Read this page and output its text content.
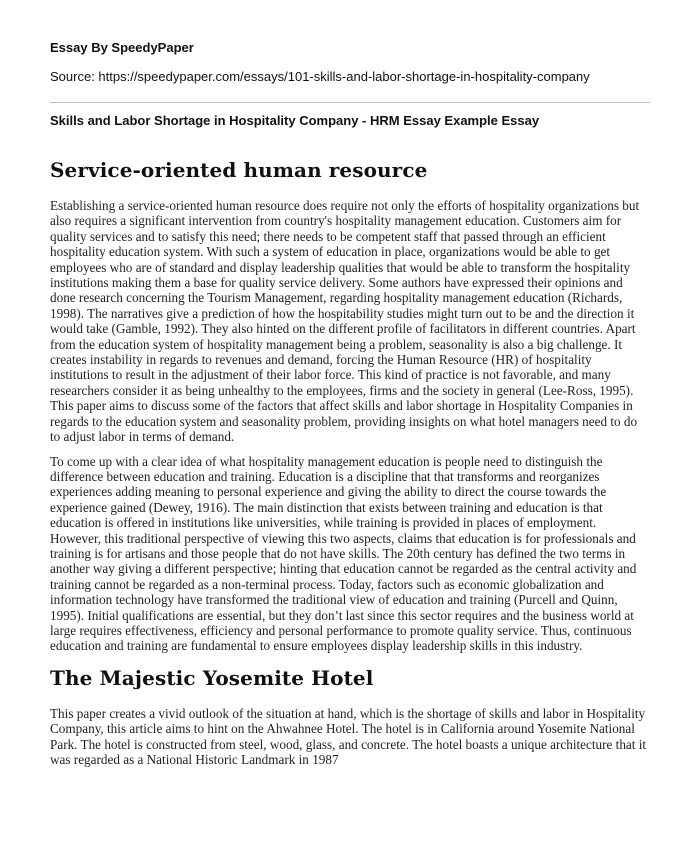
Essay By SpeedyPaper
Source: https://speedypaper.com/essays/101-skills-and-labor-shortage-in-hospitality-company
Skills and Labor Shortage in Hospitality Company - HRM Essay Example Essay
Service-oriented human resource

Establishing a service-oriented human resource does require not only the efforts of hospitality organizations but also requires a significant intervention from country's hospitality management education. Customers aim for quality services and to satisfy this need; there needs to be competent staff that passed through an efficient hospitality education system. With such a system of education in place, organizations would be able to get employees who are of standard and display leadership qualities that would be able to transform the hospitality institutions making them a base for quality service delivery. Some authors have expressed their opinions and done research concerning the Tourism Management, regarding hospitality management education (Richards, 1998). The narratives give a prediction of how the hospitability studies might turn out to be and the direction it would take (Gamble, 1992). They also hinted on the different profile of facilitators in different countries. Apart from the education system of hospitality management being a problem, seasonality is also a big challenge. It creates instability in regards to revenues and demand, forcing the Human Resource (HR) of hospitality institutions to result in the adjustment of their labor force. This kind of practice is not favorable, and many researchers consider it as being unhealthy to the employees, firms and the society in general (Lee-Ross, 1995). This paper aims to discuss some of the factors that affect skills and labor shortage in Hospitality Companies in regards to the education system and seasonality problem, providing insights on what hotel managers need to do to adjust labor in terms of demand.

To come up with a clear idea of what hospitality management education is people need to distinguish the difference between education and training. Education is a discipline that that transforms and reorganizes experiences adding meaning to personal experience and giving the ability to direct the course towards the experience gained (Dewey, 1916). The main distinction that exists between training and education is that education is offered in institutions like universities, while training is provided in places of employment. However, this traditional perspective of viewing this two aspects, claims that education is for professionals and training is for artisans and those people that do not have skills. The 20th century has defined the two terms in another way giving a different perspective; hinting that education cannot be regarded as the central activity and training cannot be regarded as a non-terminal process. Today, factors such as economic globalization and information technology have transformed the traditional view of education and training (Purcell and Quinn, 1995). Initial qualifications are essential, but they don’t last since this sector requires and the business world at large requires effectiveness, efficiency and personal performance to promote quality service. Thus, continuous education and training are fundamental to ensure employees display leadership skills in this industry.

The Majestic Yosemite Hotel

This paper creates a vivid outlook of the situation at hand, which is the shortage of skills and labor in Hospitality Company, this article aims to hint on the Ahwahnee Hotel. The hotel is in California around Yosemite National Park. The hotel is constructed from steel, wood, glass, and concrete. The hotel boasts a unique architecture that it was regarded as a National Historic Landmark in 1987
